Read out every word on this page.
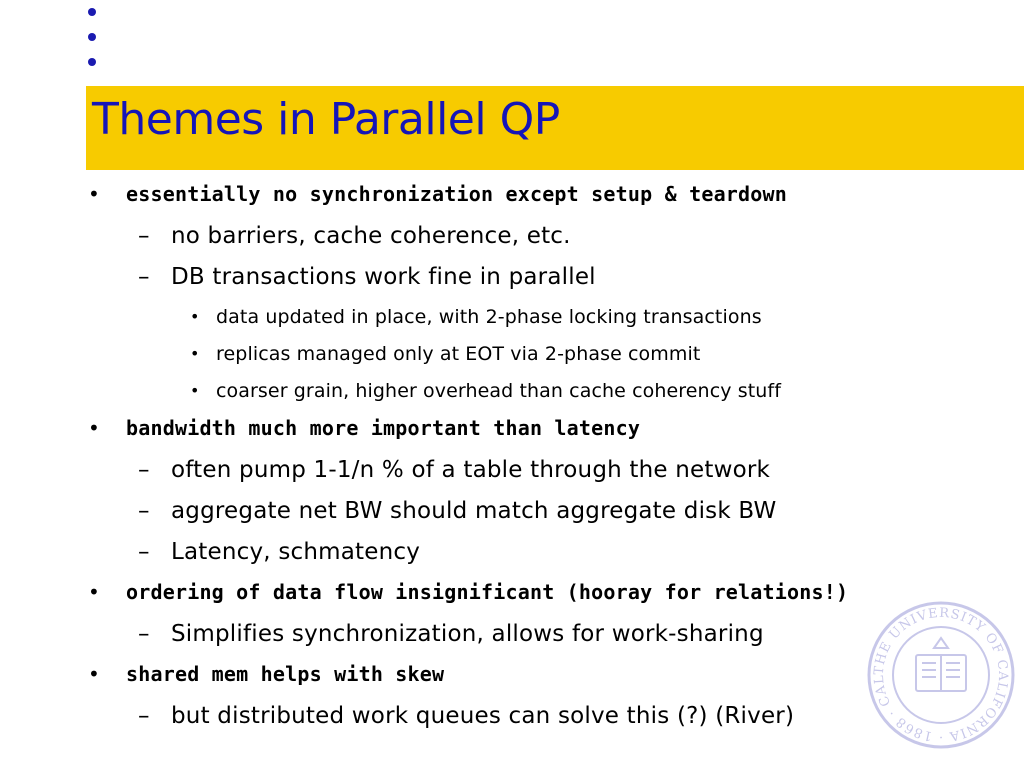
Themes in Parallel QP
• essentially no synchronization except setup & teardown
– no barriers, cache coherence, etc.
– DB transactions work fine in parallel
• data updated in place, with 2-phase locking transactions
• replicas managed only at EOT via 2-phase commit
• coarser grain, higher overhead than cache coherency stuff
• bandwidth much more important than latency
– often pump 1-1/n % of a table through the network
– aggregate net BW should match aggregate disk BW
– Latency, schmatency
• ordering of data flow insignificant (hooray for relations!)
– Simplifies synchronization, allows for work-sharing
• shared mem helps with skew
– but distributed work queues can solve this (?) (River)
THE UNIVERSITY OF CALIFORNIA · 1868 · CAL
